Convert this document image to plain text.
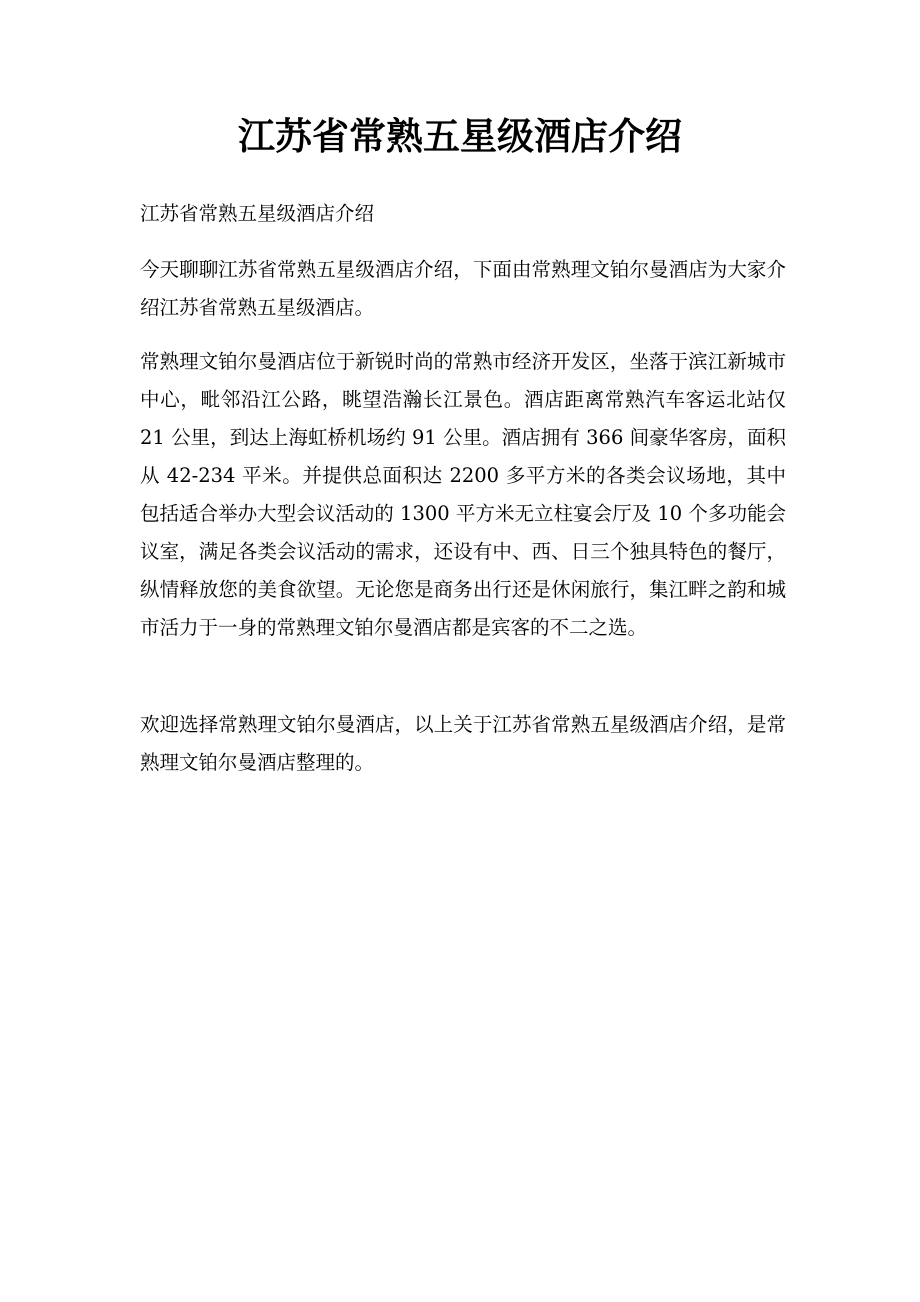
江苏省常熟五星级酒店介绍

江苏省常熟五星级酒店介绍

今天聊聊江苏省常熟五星级酒店介绍，下面由常熟理文铂尔曼酒店为大家介绍江苏省常熟五星级酒店。

常熟理文铂尔曼酒店位于新锐时尚的常熟市经济开发区，坐落于滨江新城市中心，毗邻沿江公路，眺望浩瀚长江景色。酒店距离常熟汽车客运北站仅 21 公里，到达上海虹桥机场约 91 公里。酒店拥有 366 间豪华客房，面积从 42-234 平米。并提供总面积达 2200 多平方米的各类会议场地，其中包括适合举办大型会议活动的 1300 平方米无立柱宴会厅及 10 个多功能会议室，满足各类会议活动的需求，还设有中、西、日三个独具特色的餐厅，纵情释放您的美食欲望。无论您是商务出行还是休闲旅行，集江畔之韵和城市活力于一身的常熟理文铂尔曼酒店都是宾客的不二之选。

欢迎选择常熟理文铂尔曼酒店，以上关于江苏省常熟五星级酒店介绍，是常熟理文铂尔曼酒店整理的。
